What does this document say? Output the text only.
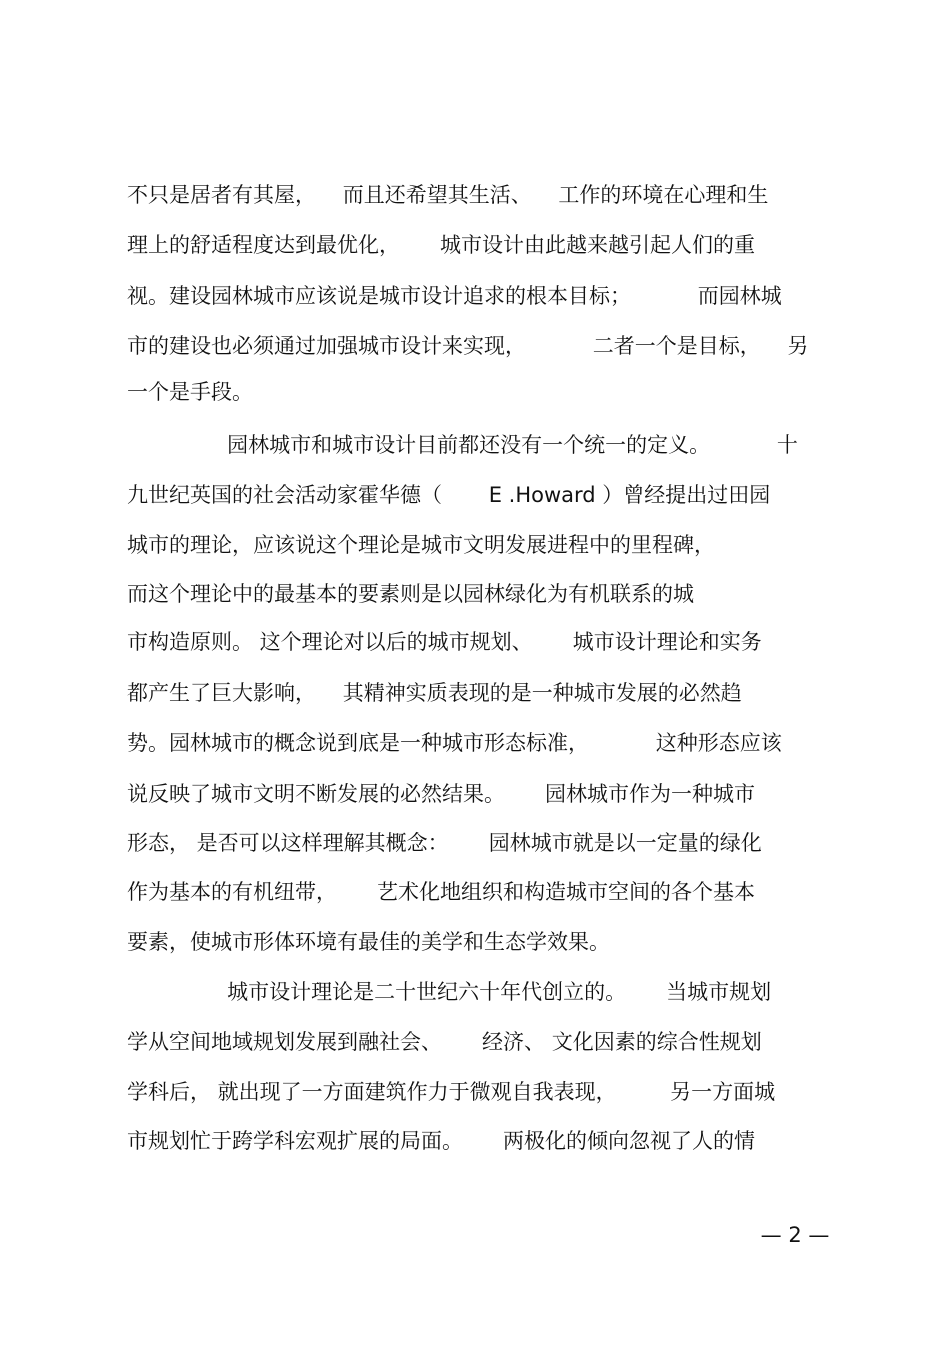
不只是居者有其屋，    而且还希望其生活、    工作的环境在心理和生
理上的舒适程度达到最优化，      城市设计由此越来越引起人们的重
视。建设园林城市应该说是城市设计追求的根本目标；          而园林城
市的建设也必须通过加强城市设计来实现，          二者一个是目标，    另
一个是手段。
园林城市和城市设计目前都还没有一个统一的定义。          十
九世纪英国的社会活动家霍华德（       E .Howard ）曾经提出过田园
城市的理论，应该说这个理论是城市文明发展进程中的里程碑，
而这个理论中的最基本的要素则是以园林绿化为有机联系的城
市构造原则。 这个理论对以后的城市规划、      城市设计理论和实务
都产生了巨大影响，    其精神实质表现的是一种城市发展的必然趋
势。园林城市的概念说到底是一种城市形态标准，          这种形态应该
说反映了城市文明不断发展的必然结果。      园林城市作为一种城市
形态， 是否可以这样理解其概念：      园林城市就是以一定量的绿化
作为基本的有机纽带，      艺术化地组织和构造城市空间的各个基本
要素，使城市形体环境有最佳的美学和生态学效果。
城市设计理论是二十世纪六十年代创立的。      当城市规划
学从空间地域规划发展到融社会、      经济、 文化因素的综合性规划
学科后， 就出现了一方面建筑作力于微观自我表现，        另一方面城
市规划忙于跨学科宏观扩展的局面。      两极化的倾向忽视了人的情
— 2 —
